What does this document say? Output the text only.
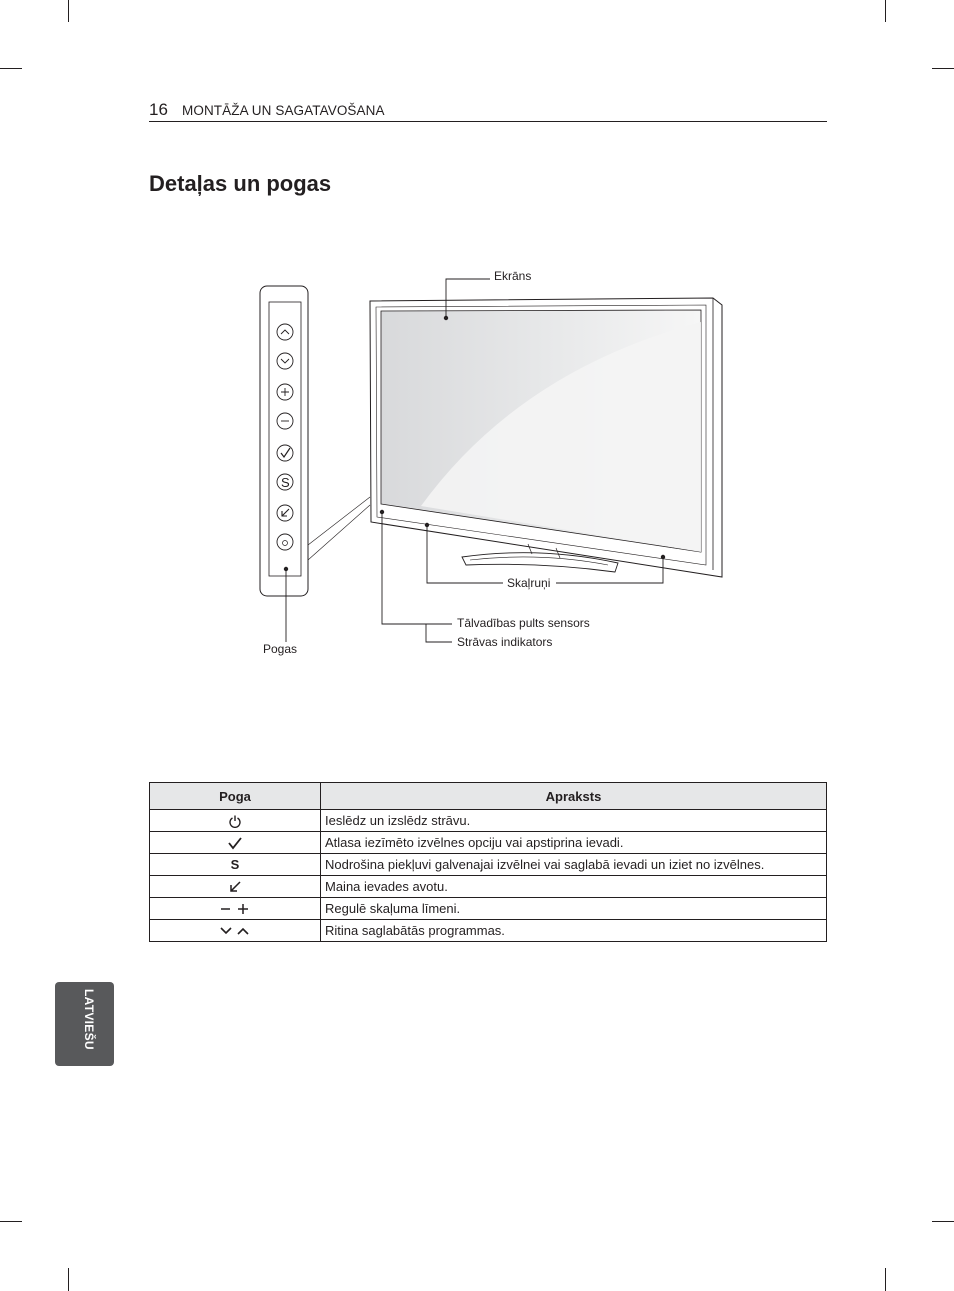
16 MONTĀŽA UN SAGATAVOŠANA
Detaļas un pogas
S
Ekrāns
Skaļruņi
Tālvadības pults sensors
Strāvas indikators
Pogas
Poga	Apraksts
	Ieslēdz un izslēdz strāvu.
	Atlasa iezīmēto izvēlnes opciju vai apstiprina ievadi.
S	Nodrošina piekļuvi galvenajai izvēlnei vai saglabā ievadi un iziet no izvēlnes.
	Maina ievades avotu.
	Regulē skaļuma līmeni.
	Ritina saglabātās programmas.
LATVIEŠU
